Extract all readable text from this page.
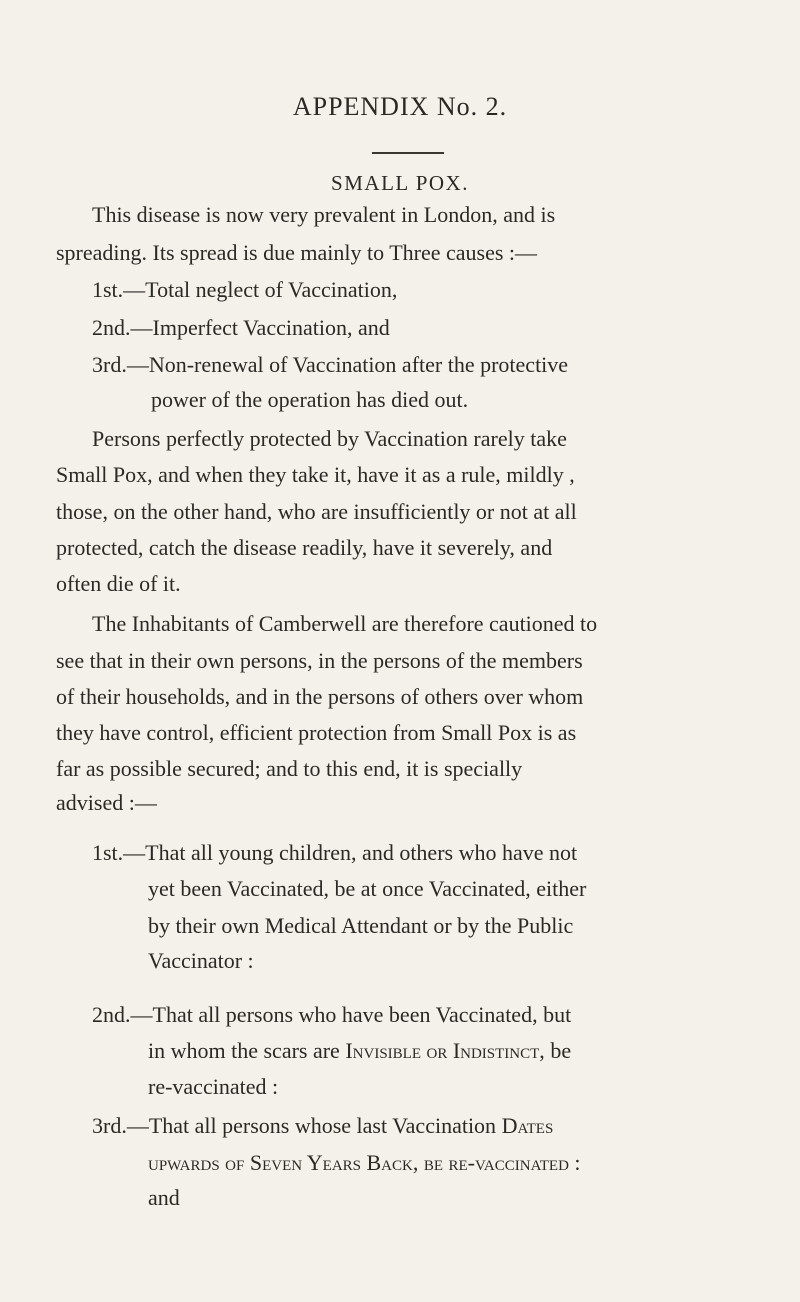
APPENDIX No. 2.
SMALL POX.
This disease is now very prevalent in London, and is
spreading. Its spread is due mainly to Three causes :—
1st.—Total neglect of Vaccination,
2nd.—Imperfect Vaccination, and
3rd.—Non-renewal of Vaccination after the protective
power of the operation has died out.
Persons perfectly protected by Vaccination rarely take
Small Pox, and when they take it, have it as a rule, mildly ,
those, on the other hand, who are insufficiently or not at all
protected, catch the disease readily, have it severely, and
often die of it.
The Inhabitants of Camberwell are therefore cautioned to
see that in their own persons, in the persons of the members
of their households, and in the persons of others over whom
they have control, efficient protection from Small Pox is as
far as possible secured; and to this end, it is specially
advised :—
1st.—That all young children, and others who have not
yet been Vaccinated, be at once Vaccinated, either
by their own Medical Attendant or by the Public
Vaccinator :
2nd.—That all persons who have been Vaccinated, but
in whom the scars are Invisible or Indistinct, be
re-vaccinated :
3rd.—That all persons whose last Vaccination Dates
upwards of Seven Years Back, be re-vaccinated :
and
